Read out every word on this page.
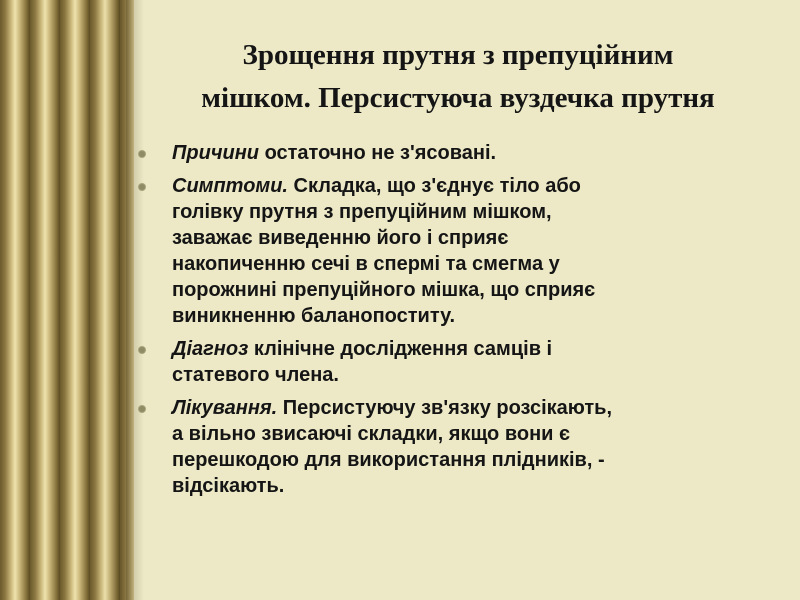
Зрощення прутня з препуційним
мішком. Персистуюча вуздечка прутня
Причини остаточно не з'ясовані.
Симптоми. Складка, що з'єднує тіло або
голівку прутня з препуційним мішком,
заважає виведенню його і сприяє
накопиченню сечі в спермі та смегма у
порожнині препуційного мішка, що сприяє
виникненню баланопоститу.
Діагноз клінічне дослідження самців і
статевого члена.
Лікування. Персистуючу зв'язку розсікають,
а вільно звисаючі складки, якщо вони є
перешкодою для використання плідників, -
відсікають.
